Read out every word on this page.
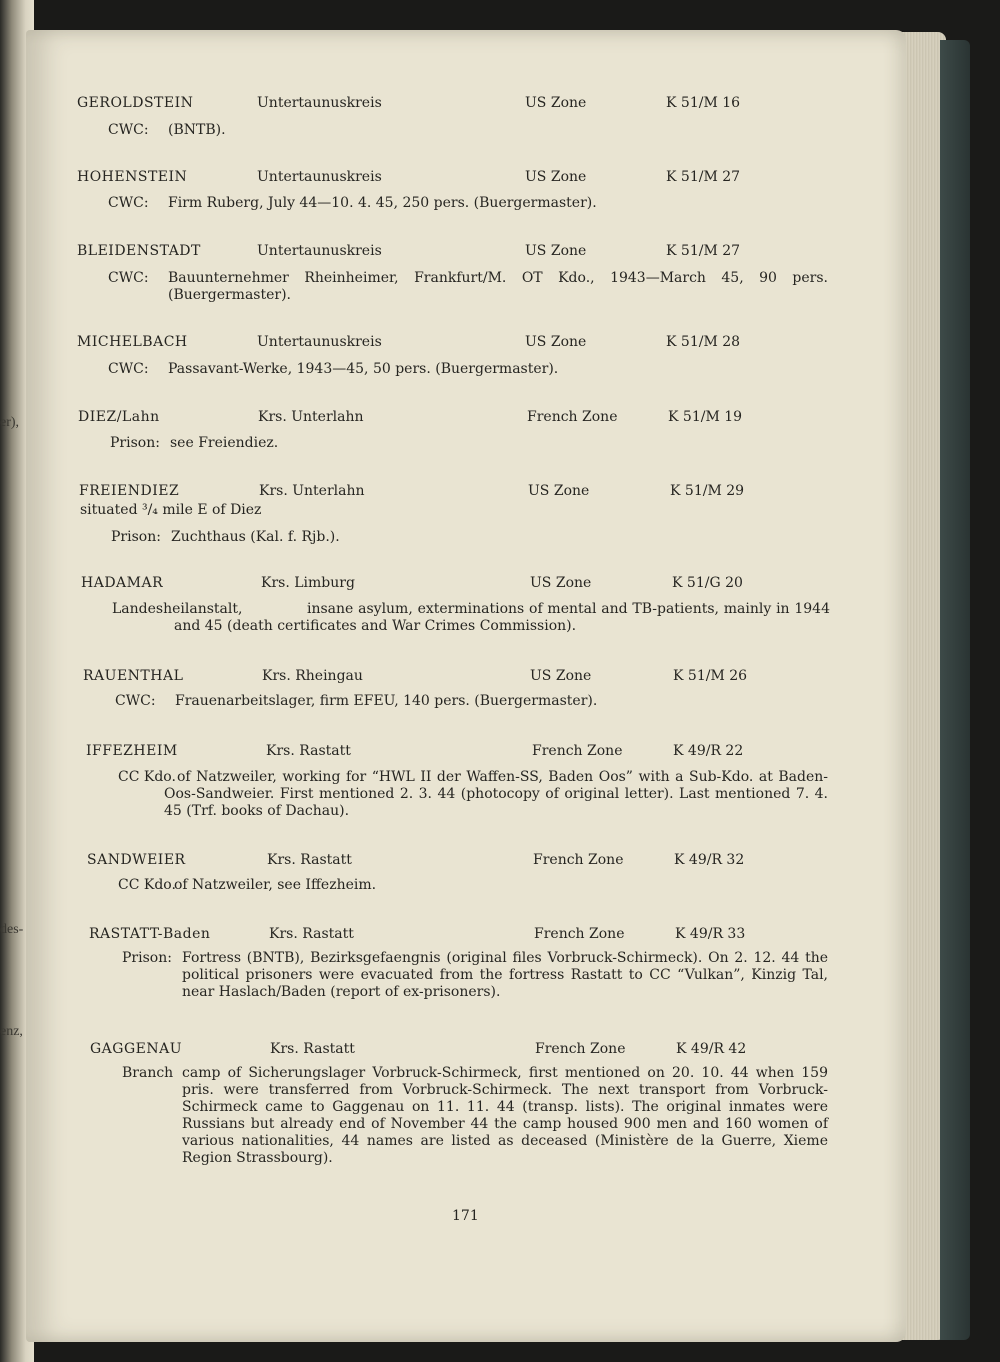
er),
des-
enz,
GEROLDSTEIN	Untertaunuskreis	US Zone	K 51/M 16
CWC: (BNTB).
HOHENSTEIN	Untertaunuskreis	US Zone	K 51/M 27
CWC: Firm Ruberg, July 44—10. 4. 45, 250 pers. (Buergermaster).
BLEIDENSTADT	Untertaunuskreis	US Zone	K 51/M 27
CWC: Bauunternehmer Rheinheimer, Frankfurt/M. OT Kdo., 1943—March 45, 90 pers. (Buergermaster).
MICHELBACH	Untertaunuskreis	US Zone	K 51/M 28
CWC: Passavant-Werke, 1943—45, 50 pers. (Buergermaster).
DIEZ/Lahn	Krs. Unterlahn	French Zone	K 51/M 19
Prison: see Freiendiez.
FREIENDIEZ	Krs. Unterlahn	US Zone	K 51/M 29
situated ³/₄ mile E of Diez
Prison: Zuchthaus (Kal. f. Rjb.).
HADAMAR	Krs. Limburg	US Zone	K 51/G 20
Landesheilanstalt,	insane asylum, exterminations of mental and TB-patients, mainly in 1944 and 45 (death certificates and War Crimes Commission).
RAUENTHAL	Krs. Rheingau	US Zone	K 51/M 26
CWC: Frauenarbeitslager, firm EFEU, 140 pers. (Buergermaster).
IFFEZHEIM	Krs. Rastatt	French Zone	K 49/R 22
CC Kdo. of Natzweiler, working for “HWL II der Waffen-SS, Baden Oos” with a Sub-Kdo. at Baden-Oos-Sandweier. First mentioned 2. 3. 44 (photocopy of original letter). Last mentioned 7. 4. 45 (Trf. books of Dachau).
SANDWEIER	Krs. Rastatt	French Zone	K 49/R 32
CC Kdo.
of Natzweiler, see Iffezheim.
RASTATT-Baden	Krs. Rastatt	French Zone	K 49/R 33
Prison: Fortress (BNTB), Bezirksgefaengnis (original files Vorbruck-Schirmeck). On 2. 12. 44 the political prisoners were evacuated from the fortress Rastatt to CC “Vulkan”, Kinzig Tal, near Haslach/Baden (report of ex-prisoners).
GAGGENAU	Krs. Rastatt	French Zone	K 49/R 42
Branch camp of Sicherungslager Vorbruck-Schirmeck, first mentioned on 20. 10. 44 when 159 pris. were transferred from Vorbruck-Schirmeck. The next transport from Vorbruck-Schirmeck came to Gaggenau on 11. 11. 44 (transp. lists). The original inmates were Russians but already end of November 44 the camp housed 900 men and 160 women of various nationalities, 44 names are listed as deceased (Ministère de la Guerre, Xieme Region Strassbourg).
171
